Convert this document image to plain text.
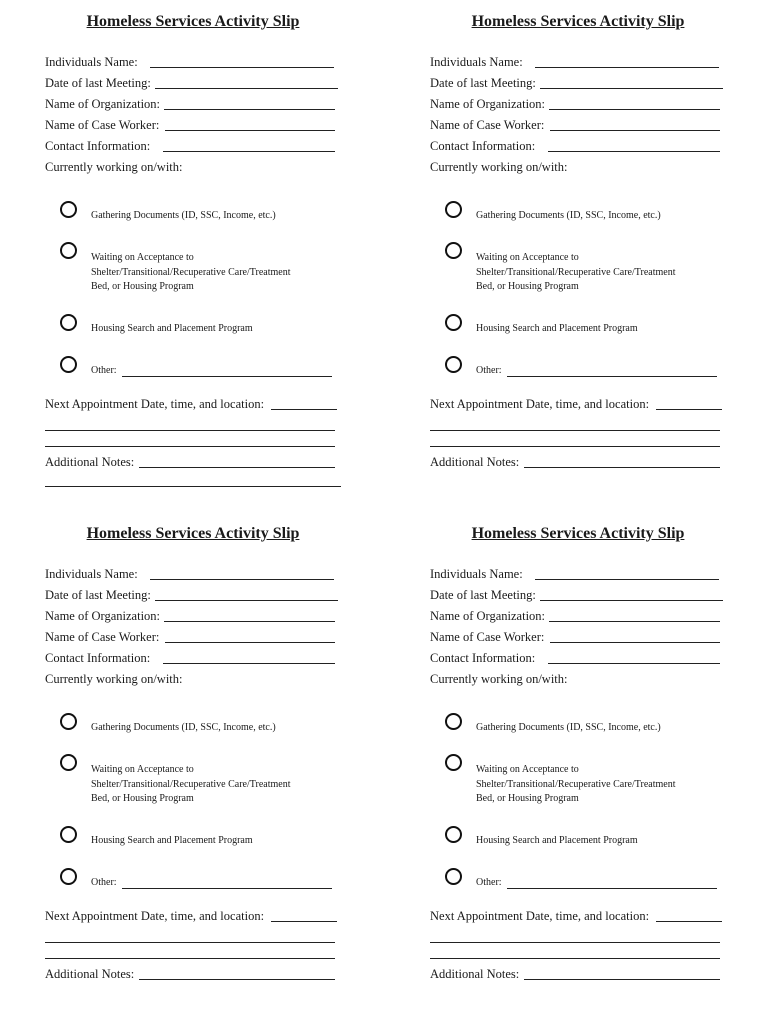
Homeless Services Activity Slip
Individuals Name:
Date of last Meeting:
Name of Organization:
Name of Case Worker:
Contact Information:
Currently working on/with:
Gathering Documents (ID, SSC, Income, etc.)
Waiting on Acceptance to
Shelter/Transitional/Recuperative Care/Treatment
Bed, or Housing Program
Housing Search and Placement Program
Other:
Next Appointment Date, time, and location:
Additional Notes:
Homeless Services Activity Slip
Individuals Name:
Date of last Meeting:
Name of Organization:
Name of Case Worker:
Contact Information:
Currently working on/with:
Gathering Documents (ID, SSC, Income, etc.)
Waiting on Acceptance to
Shelter/Transitional/Recuperative Care/Treatment
Bed, or Housing Program
Housing Search and Placement Program
Other:
Next Appointment Date, time, and location:
Additional Notes:
Homeless Services Activity Slip
Individuals Name:
Date of last Meeting:
Name of Organization:
Name of Case Worker:
Contact Information:
Currently working on/with:
Gathering Documents (ID, SSC, Income, etc.)
Waiting on Acceptance to
Shelter/Transitional/Recuperative Care/Treatment
Bed, or Housing Program
Housing Search and Placement Program
Other:
Next Appointment Date, time, and location:
Additional Notes:
Homeless Services Activity Slip
Individuals Name:
Date of last Meeting:
Name of Organization:
Name of Case Worker:
Contact Information:
Currently working on/with:
Gathering Documents (ID, SSC, Income, etc.)
Waiting on Acceptance to
Shelter/Transitional/Recuperative Care/Treatment
Bed, or Housing Program
Housing Search and Placement Program
Other:
Next Appointment Date, time, and location:
Additional Notes:
